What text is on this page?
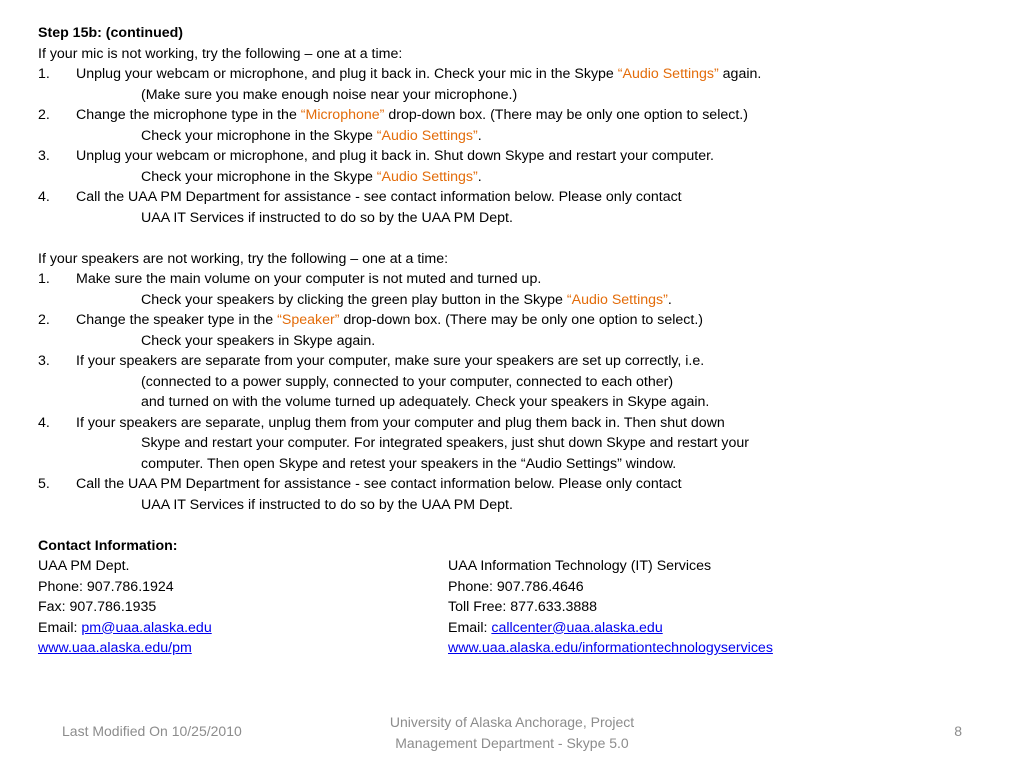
Step 15b: (continued)
If your mic is not working, try the following – one at a time:
1. Unplug your webcam or microphone, and plug it back in. Check your mic in the Skype “Audio Settings” again.
(Make sure you make enough noise near your microphone.)
2. Change the microphone type in the “Microphone” drop-down box. (There may be only one option to select.)
Check your microphone in the Skype “Audio Settings”.
3. Unplug your webcam or microphone, and plug it back in. Shut down Skype and restart your computer.
Check your microphone in the Skype “Audio Settings”.
4. Call the UAA PM Department for assistance - see contact information below. Please only contact
UAA IT Services if instructed to do so by the UAA PM Dept.
If your speakers are not working, try the following – one at a time:
1. Make sure the main volume on your computer is not muted and turned up.
Check your speakers by clicking the green play button in the Skype “Audio Settings”.
2. Change the speaker type in the “Speaker” drop-down box. (There may be only one option to select.)
Check your speakers in Skype again.
3. If your speakers are separate from your computer, make sure your speakers are set up correctly, i.e.
(connected to a power supply, connected to your computer, connected to each other)
and turned on with the volume turned up adequately. Check your speakers in Skype again.
4. If your speakers are separate, unplug them from your computer and plug them back in. Then shut down
Skype and restart your computer. For integrated speakers, just shut down Skype and restart your
computer. Then open Skype and retest your speakers in the “Audio Settings” window.
5. Call the UAA PM Department for assistance - see contact information below. Please only contact
UAA IT Services if instructed to do so by the UAA PM Dept.
Contact Information:
UAA PM Dept.
Phone: 907.786.1924
Fax: 907.786.1935
Email: pm@uaa.alaska.edu
www.uaa.alaska.edu/pm
UAA Information Technology (IT) Services
Phone: 907.786.4646
Toll Free: 877.633.3888
Email: callcenter@uaa.alaska.edu
www.uaa.alaska.edu/informationtechnologyservices
Last Modified On 10/25/2010
University of Alaska Anchorage, Project
Management Department - Skype 5.0
8
